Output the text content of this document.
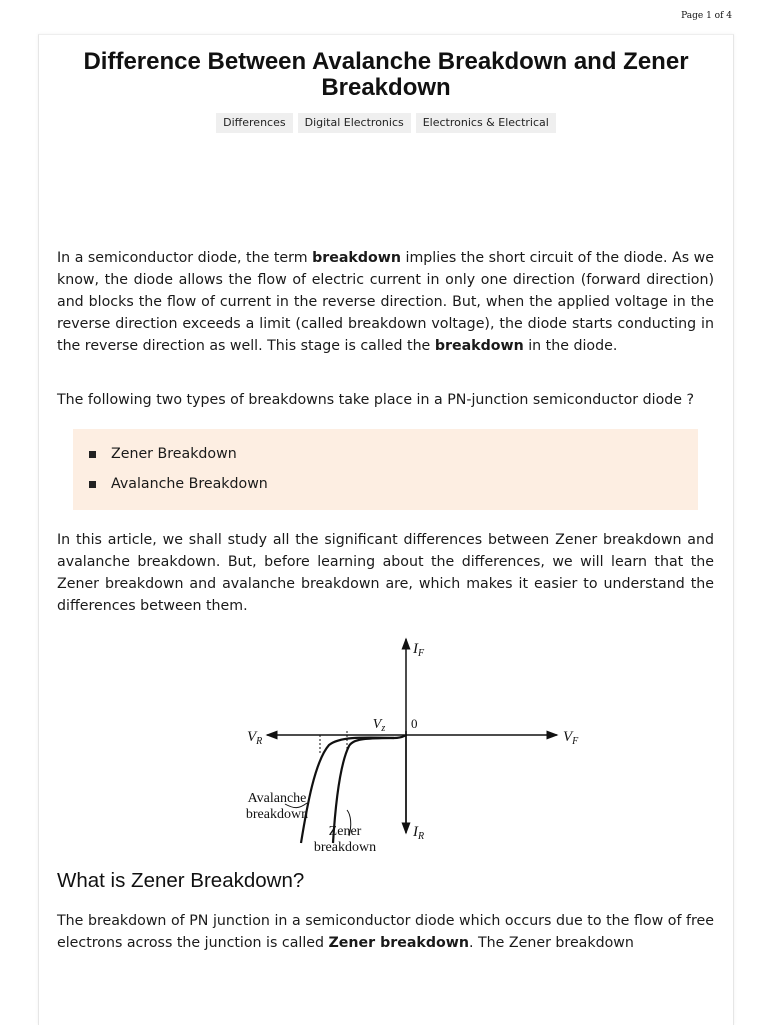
Page 1 of 4
Difference Between Avalanche Breakdown and Zener Breakdown
Differences	Digital Electronics	Electronics & Electrical

In a semiconductor diode, the term breakdown implies the short circuit of the diode. As we know, the diode allows the flow of electric current in only one direction (forward direction) and blocks the flow of current in the reverse direction. But, when the applied voltage in the reverse direction exceeds a limit (called breakdown voltage), the diode starts conducting in the reverse direction as well. This stage is called the breakdown in the diode.

The following two types of breakdowns take place in a PN-junction semiconductor diode ?

Zener Breakdown
Avalanche Breakdown

In this article, we shall study all the significant differences between Zener breakdown and avalanche breakdown. But, before learning about the differences, we will learn that the Zener breakdown and avalanche breakdown are, which makes it easier to understand the differences between them.

$I_F$
$V_F$
$V_R$
$I_R$
$V_z$ 0
Avalanche
breakdown
Zener
breakdown
What is Zener Breakdown?

The breakdown of PN junction in a semiconductor diode which occurs due to the flow of free electrons across the junction is called Zener breakdown. The Zener breakdown
